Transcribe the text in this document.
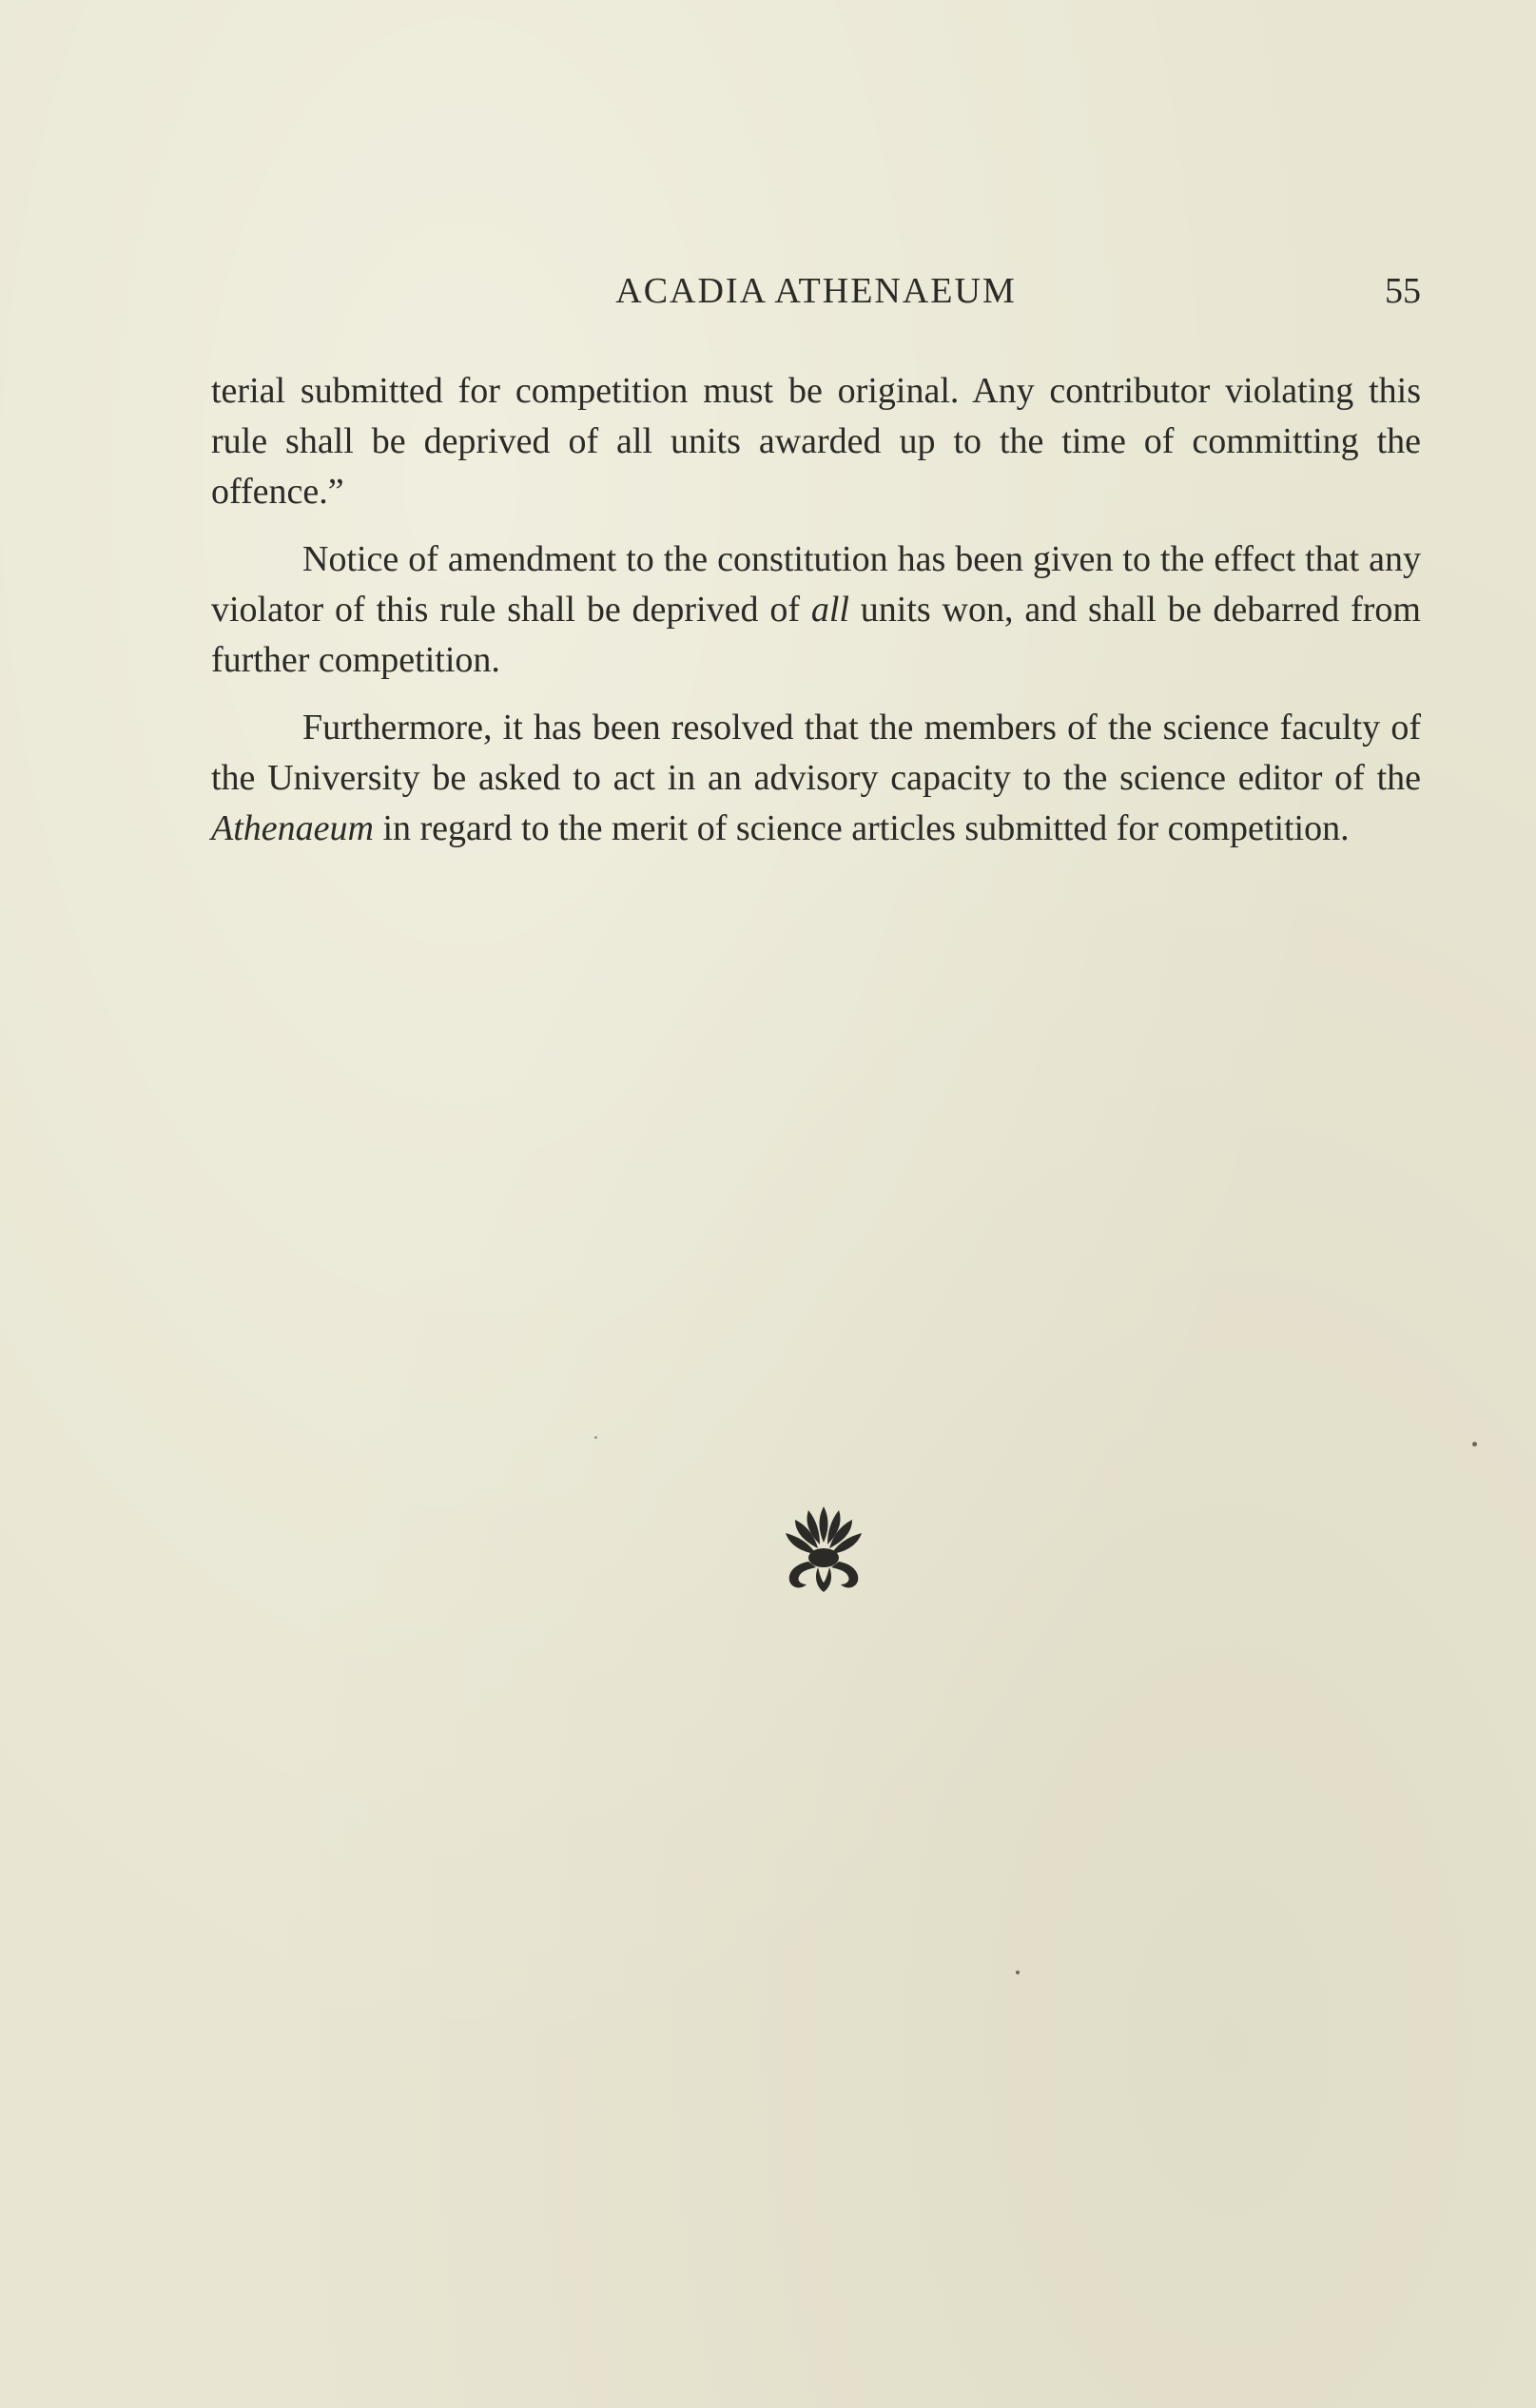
ACADIA ATHENAEUM	55

terial submitted for competition must be original. Any contributor violating this rule shall be deprived of all units awarded up to the time of committing the offence.”

Notice of amendment to the constitution has been given to the effect that any violator of this rule shall be deprived of all units won, and shall be debarred from further competition.

Furthermore, it has been resolved that the members of the science faculty of the University be asked to act in an advisory capacity to the science editor of the Athenaeum in regard to the merit of science articles submitted for competition.
